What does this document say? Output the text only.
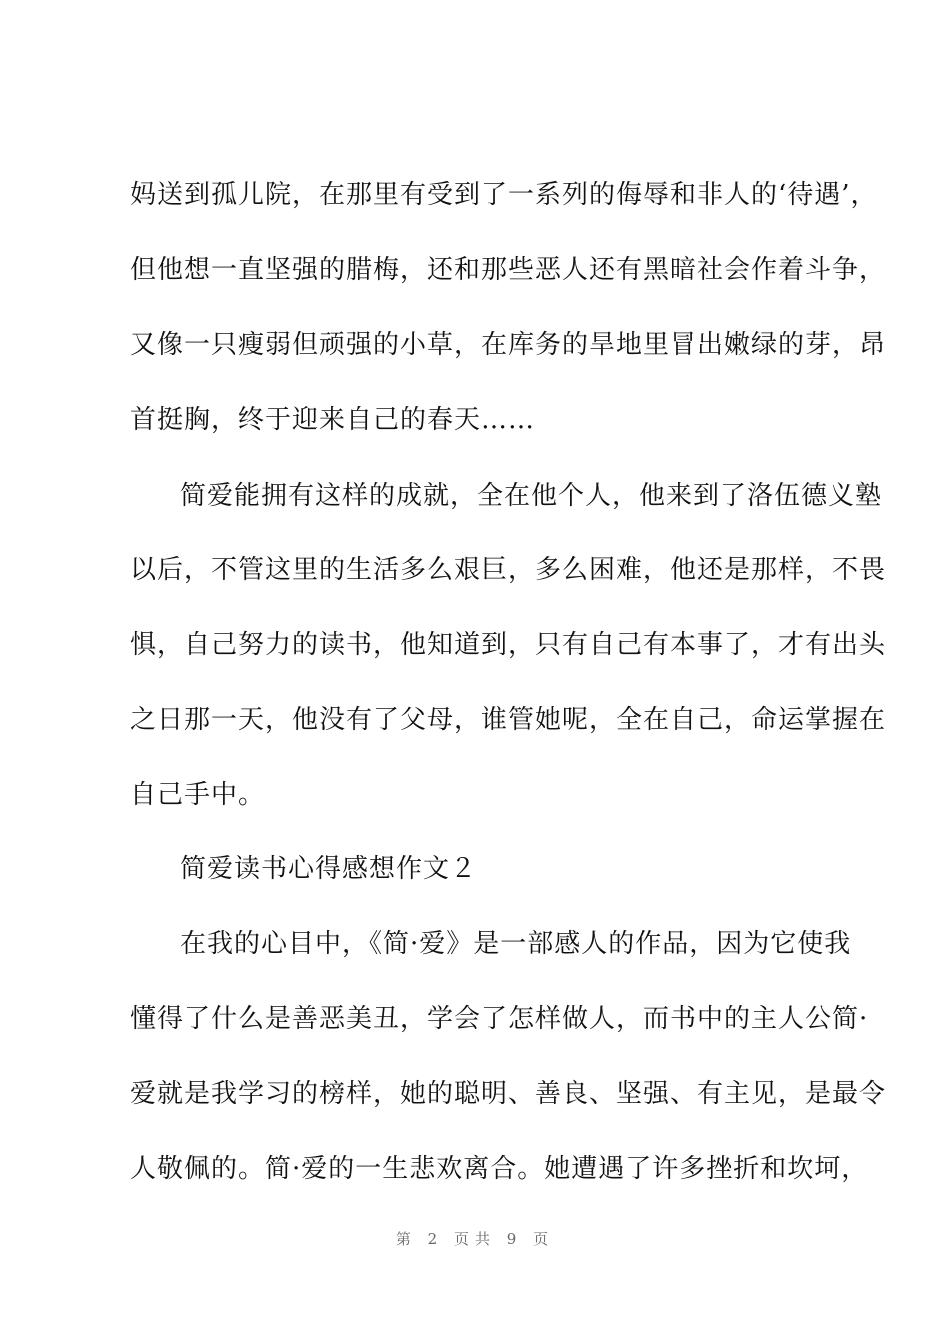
妈送到孤儿院，在那里有受到了一系列的侮辱和非人的‘待遇’，
但他想一直坚强的腊梅，还和那些恶人还有黑暗社会作着斗争，
又像一只瘦弱但顽强的小草，在库务的旱地里冒出嫩绿的芽，昂
首挺胸，终于迎来自己的春天……
简爱能拥有这样的成就，全在他个人，他来到了洛伍德义塾
以后，不管这里的生活多么艰巨，多么困难，他还是那样，不畏
惧，自己努力的读书，他知道到，只有自己有本事了，才有出头
之日那一天，他没有了父母，谁管她呢，全在自己，命运掌握在
自己手中。
简爱读书心得感想作文２
在我的心目中，《简·爱》是一部感人的作品，因为它使我
懂得了什么是善恶美丑，学会了怎样做人，而书中的主人公简·
爱就是我学习的榜样，她的聪明、善良、坚强、有主见，是最令
人敬佩的。简·爱的一生悲欢离合。她遭遇了许多挫折和坎坷，
第 2 页共 9 页
